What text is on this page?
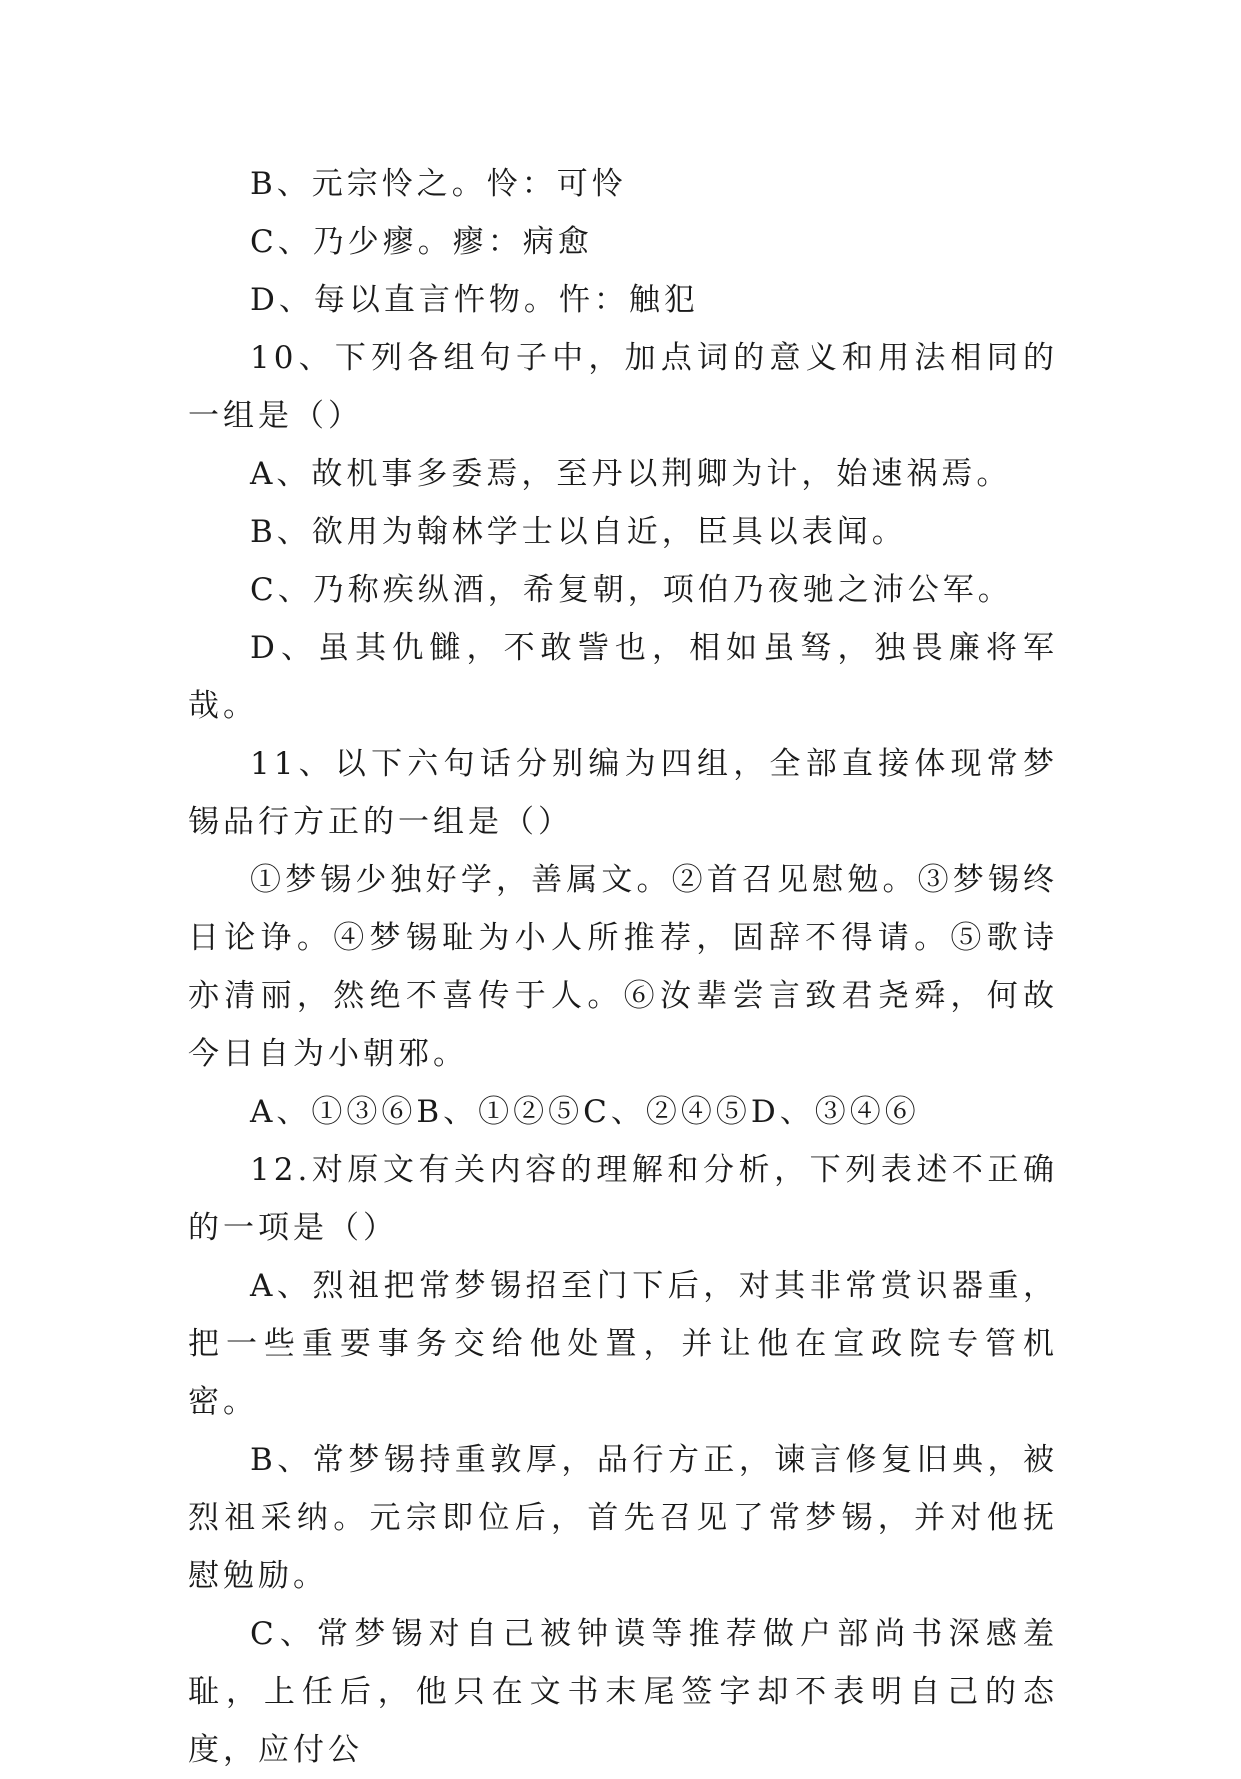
B、元宗怜之。怜：可怜

C、乃少瘳。瘳：病愈

D、每以直言忤物。忤：触犯

10、下列各组句子中，加点词的意义和用法相同的一组是（）

A、故机事多委焉，至丹以荆卿为计，始速祸焉。

B、欲用为翰林学士以自近，臣具以表闻。

C、乃称疾纵酒，希复朝，项伯乃夜驰之沛公军。

D、虽其仇雠，不敢訾也，相如虽驽，独畏廉将军哉。

11、以下六句话分别编为四组，全部直接体现常梦锡品行方正的一组是（）

①梦锡少独好学，善属文。②首召见慰勉。③梦锡终日论诤。④梦锡耻为小人所推荐，固辞不得请。⑤歌诗亦清丽，然绝不喜传于人。⑥汝辈尝言致君尧舜，何故今日自为小朝邪。

A、①③⑥B、①②⑤C、②④⑤D、③④⑥

12.对原文有关内容的理解和分析，下列表述不正确的一项是（）

A、烈祖把常梦锡招至门下后，对其非常赏识器重，把一些重要事务交给他处置，并让他在宣政院专管机密。

B、常梦锡持重敦厚，品行方正，谏言修复旧典，被烈祖采纳。元宗即位后，首先召见了常梦锡，并对他抚慰勉励。

C、常梦锡对自己被钟谟等推荐做户部尚书深感羞耻，上任后，他只在文书末尾签字却不表明自己的态度，应付公
